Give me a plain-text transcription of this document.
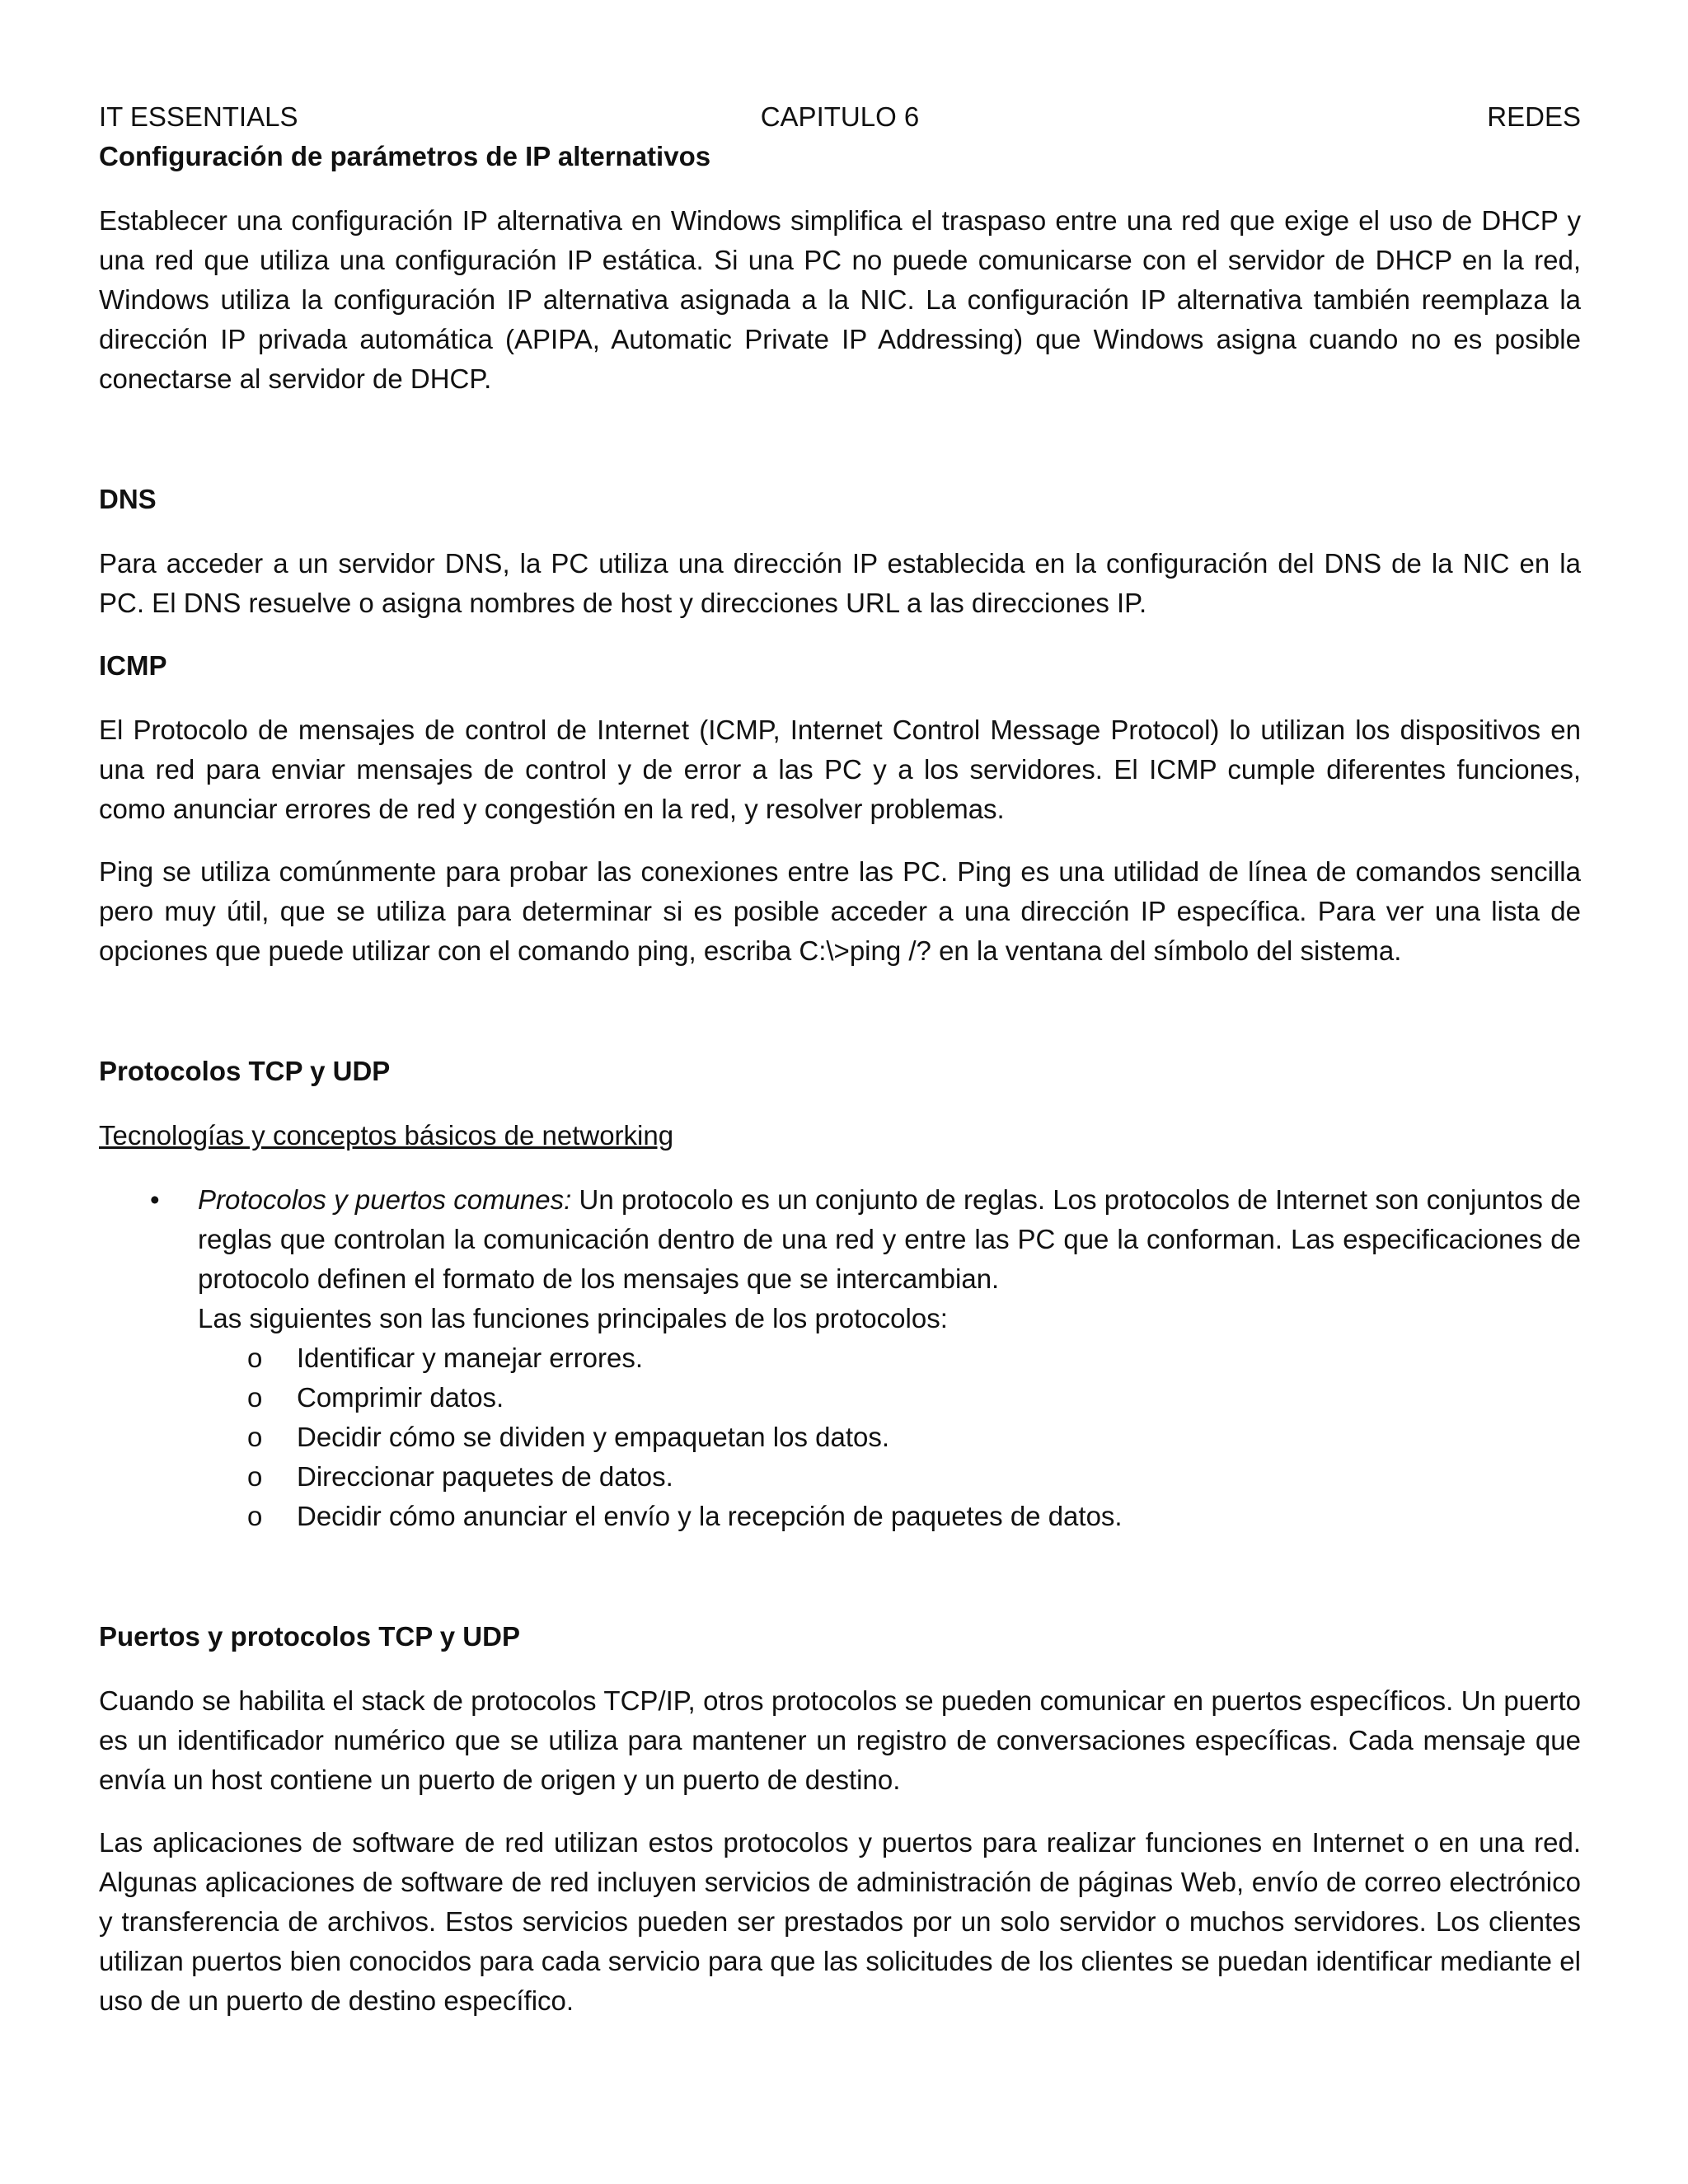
IT ESSENTIALS	CAPITULO 6	REDES
Configuración de parámetros de IP alternativos

Establecer una configuración IP alternativa en Windows simplifica el traspaso entre una red que exige el uso de DHCP y una red que utiliza una configuración IP estática. Si una PC no puede comunicarse con el servidor de DHCP en la red, Windows utiliza la configuración IP alternativa asignada a la NIC. La configuración IP alternativa también reemplaza la dirección IP privada automática (APIPA, Automatic Private IP Addressing) que Windows asigna cuando no es posible conectarse al servidor de DHCP.

DNS

Para acceder a un servidor DNS, la PC utiliza una dirección IP establecida en la configuración del DNS de la NIC en la PC. El DNS resuelve o asigna nombres de host y direcciones URL a las direcciones IP.

ICMP

El Protocolo de mensajes de control de Internet (ICMP, Internet Control Message Protocol) lo utilizan los dispositivos en una red para enviar mensajes de control y de error a las PC y a los servidores. El ICMP cumple diferentes funciones, como anunciar errores de red y congestión en la red, y resolver problemas.

Ping se utiliza comúnmente para probar las conexiones entre las PC. Ping es una utilidad de línea de comandos sencilla pero muy útil, que se utiliza para determinar si es posible acceder a una dirección IP específica. Para ver una lista de opciones que puede utilizar con el comando ping, escriba C:\>ping /? en la ventana del símbolo del sistema.

Protocolos TCP y UDP
Tecnologías y conceptos básicos de networking
• Protocolos y puertos comunes: Un protocolo es un conjunto de reglas. Los protocolos de Internet son conjuntos de reglas que controlan la comunicación dentro de una red y entre las PC que la conforman. Las especificaciones de protocolo definen el formato de los mensajes que se intercambian.

Las siguientes son las funciones principales de los protocolos:
o Identificar y manejar errores.
o Comprimir datos.
o Decidir cómo se dividen y empaquetan los datos.
o Direccionar paquetes de datos.
o Decidir cómo anunciar el envío y la recepción de paquetes de datos.
Puertos y protocolos TCP y UDP

Cuando se habilita el stack de protocolos TCP/IP, otros protocolos se pueden comunicar en puertos específicos. Un puerto es un identificador numérico que se utiliza para mantener un registro de conversaciones específicas. Cada mensaje que envía un host contiene un puerto de origen y un puerto de destino.

Las aplicaciones de software de red utilizan estos protocolos y puertos para realizar funciones en Internet o en una red. Algunas aplicaciones de software de red incluyen servicios de administración de páginas Web, envío de correo electrónico y transferencia de archivos. Estos servicios pueden ser prestados por un solo servidor o muchos servidores. Los clientes utilizan puertos bien conocidos para cada servicio para que las solicitudes de los clientes se puedan identificar mediante el uso de un puerto de destino específico.
